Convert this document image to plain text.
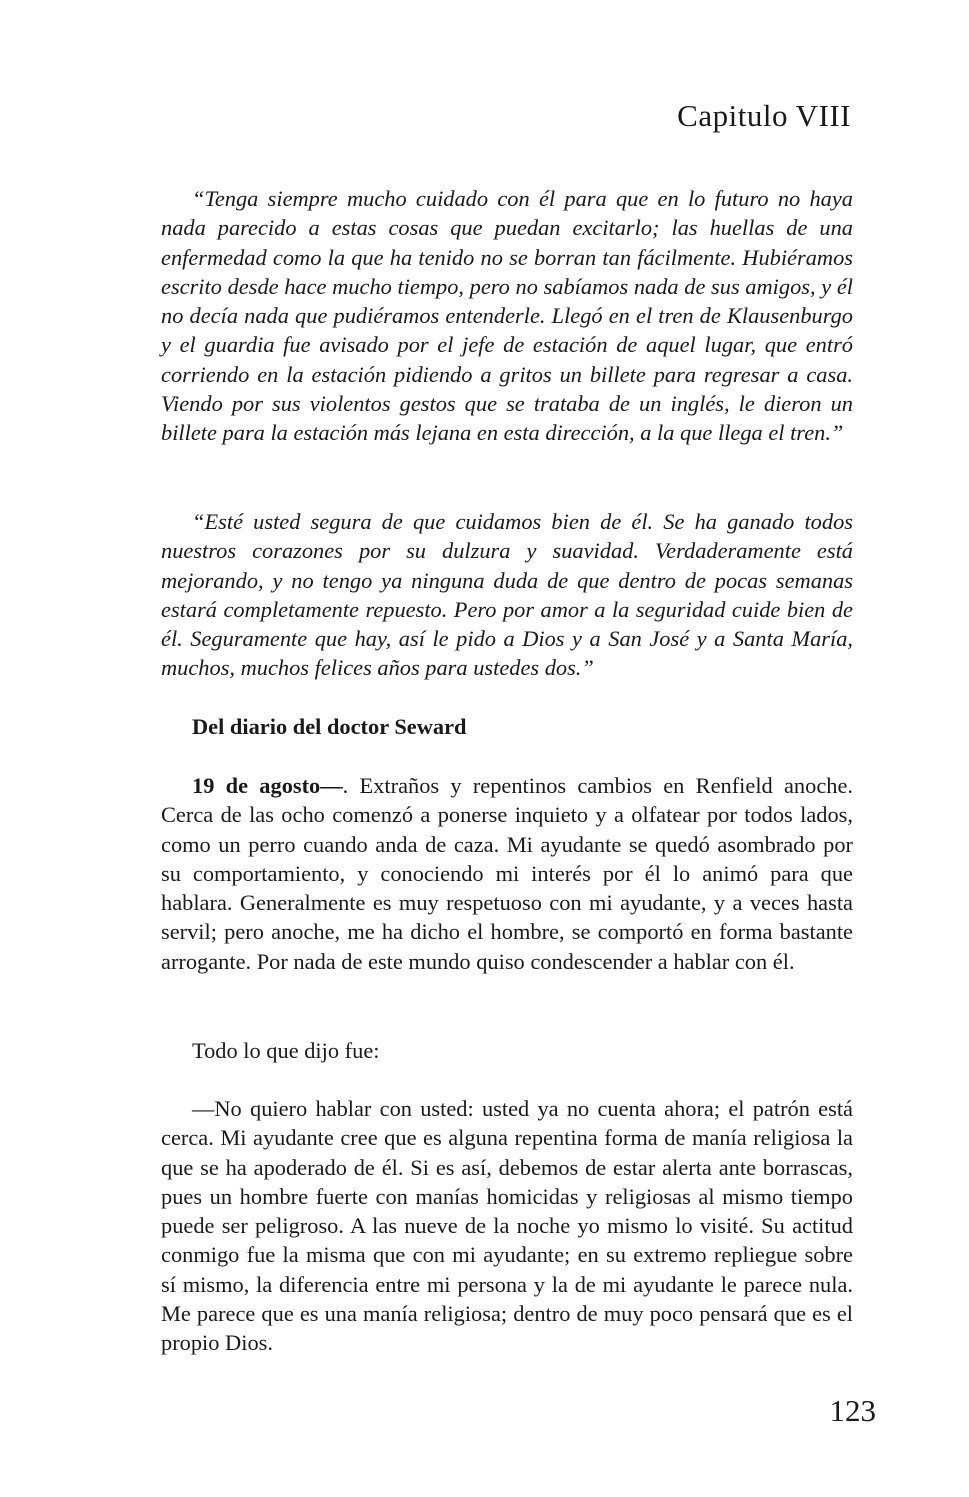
Capitulo VIII

“Tenga siempre mucho cuidado con él para que en lo futuro no haya nada parecido a estas cosas que puedan excitarlo; las huellas de una enfermedad como la que ha tenido no se borran tan fácilmente. Hubiéramos escrito desde hace mucho tiempo, pero no sabíamos nada de sus amigos, y él no decía nada que pudiéramos entenderle. Llegó en el tren de Klausenburgo y el guardia fue avisado por el jefe de estación de aquel lugar, que entró corriendo en la estación pidiendo a gritos un billete para regresar a casa. Viendo por sus violentos gestos que se trataba de un inglés, le dieron un billete para la estación más lejana en esta dirección, a la que llega el tren.”

“Esté usted segura de que cuidamos bien de él. Se ha ganado todos nuestros corazones por su dulzura y suavidad. Verdaderamente está mejorando, y no tengo ya ninguna duda de que dentro de pocas semanas estará completamente repuesto. Pero por amor a la seguridad cuide bien de él. Seguramente que hay, así le pido a Dios y a San José y a Santa María, muchos, muchos felices años para ustedes dos.”

Del diario del doctor Seward

19 de agosto—. Extraños y repentinos cambios en Renfield anoche. Cerca de las ocho comenzó a ponerse inquieto y a olfatear por todos lados, como un perro cuando anda de caza. Mi ayudante se quedó asombrado por su comportamiento, y conociendo mi interés por él lo animó para que hablara. Generalmente es muy respetuoso con mi ayudante, y a veces hasta servil; pero anoche, me ha dicho el hombre, se comportó en forma bastante arrogante. Por nada de este mundo quiso condescender a hablar con él.

Todo lo que dijo fue:

—No quiero hablar con usted: usted ya no cuenta ahora; el patrón está cerca. Mi ayudante cree que es alguna repentina forma de manía religiosa la que se ha apoderado de él. Si es así, debemos de estar alerta ante borrascas, pues un hombre fuerte con manías homicidas y religiosas al mismo tiempo puede ser peligroso. A las nueve de la noche yo mismo lo visité. Su actitud conmigo fue la misma que con mi ayudante; en su extremo repliegue sobre sí mismo, la diferencia entre mi persona y la de mi ayudante le parece nula. Me parece que es una manía religiosa; dentro de muy poco pensará que es el propio Dios.

123
